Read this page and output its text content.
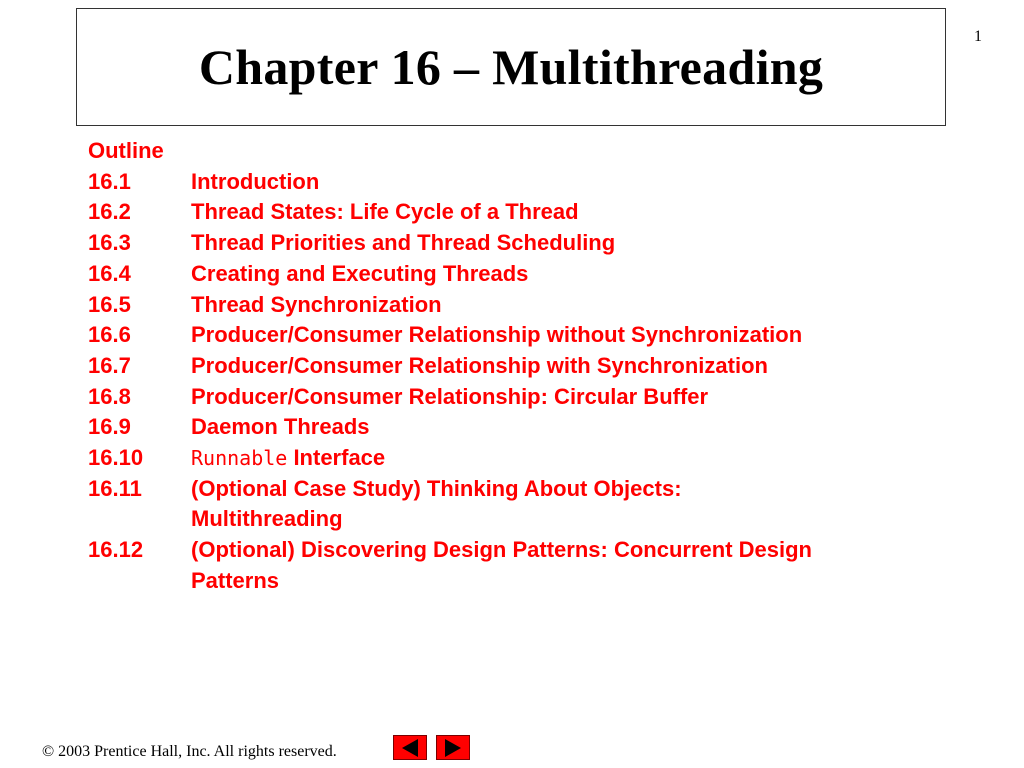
1
Chapter 16 – Multithreading
Outline
16.1	Introduction
16.2	Thread States: Life Cycle of a Thread
16.3	Thread Priorities and Thread Scheduling
16.4	Creating and Executing Threads
16.5	Thread Synchronization
16.6	Producer/Consumer Relationship without Synchronization
16.7	Producer/Consumer Relationship with Synchronization
16.8	Producer/Consumer Relationship: Circular Buffer
16.9	Daemon Threads
16.10	Runnable Interface
16.11	(Optional Case Study) Thinking About Objects:
Multithreading
16.12	(Optional) Discovering Design Patterns: Concurrent Design
Patterns
© 2003 Prentice Hall, Inc. All rights reserved.
